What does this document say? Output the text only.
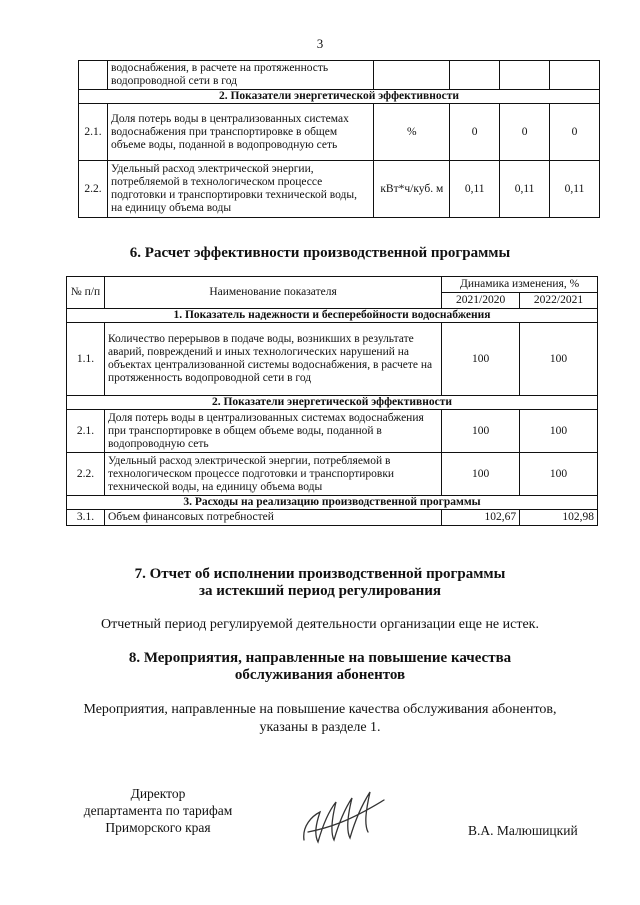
3
	водоснабжения, в расчете на протяженность водопроводной сети в год				
2. Показатели энергетической эффективности					
2.1.	Доля потерь воды в централизованных системах водоснабжения при транспортировке в общем объеме воды, поданной в водопроводную сеть	%	0	0	0
2.2.	Удельный расход электрической энергии, потребляемой в технологическом процессе подготовки и транспортировки технической воды, на единицу объема воды	кВт*ч/куб. м	0,11	0,11	0,11
6. Расчет эффективности производственной программы
№ п/п	Наименование показателя	Динамика изменения, %	
		2021/2020	2022/2021
1. Показатель надежности и бесперебойности водоснабжения			
1.1.	Количество перерывов в подаче воды, возникших в результате аварий, повреждений и иных технологических нарушений на объектах централизованной системы водоснабжения, в расчете на протяженность водопроводной сети в год	100	100
2. Показатели энергетической эффективности			
2.1.	Доля потерь воды в централизованных системах водоснабжения при транспортировке в общем объеме воды, поданной в водопроводную сеть	100	100
2.2.	Удельный расход электрической энергии, потребляемой в технологическом процессе подготовки и транспортировки технической воды, на единицу объема воды	100	100
3. Расходы на реализацию производственной программы			
3.1.	Объем финансовых потребностей	102,67	102,98
7. Отчет об исполнении производственной программы
за истекший период регулирования
Отчетный период регулируемой деятельности организации еще не истек.
8. Мероприятия, направленные на повышение качества
обслуживания абонентов
Мероприятия, направленные на повышение качества обслуживания абонентов,
указаны в разделе 1.
Директор
департамента по тарифам
Приморского края	В.А. Малюшицкий
